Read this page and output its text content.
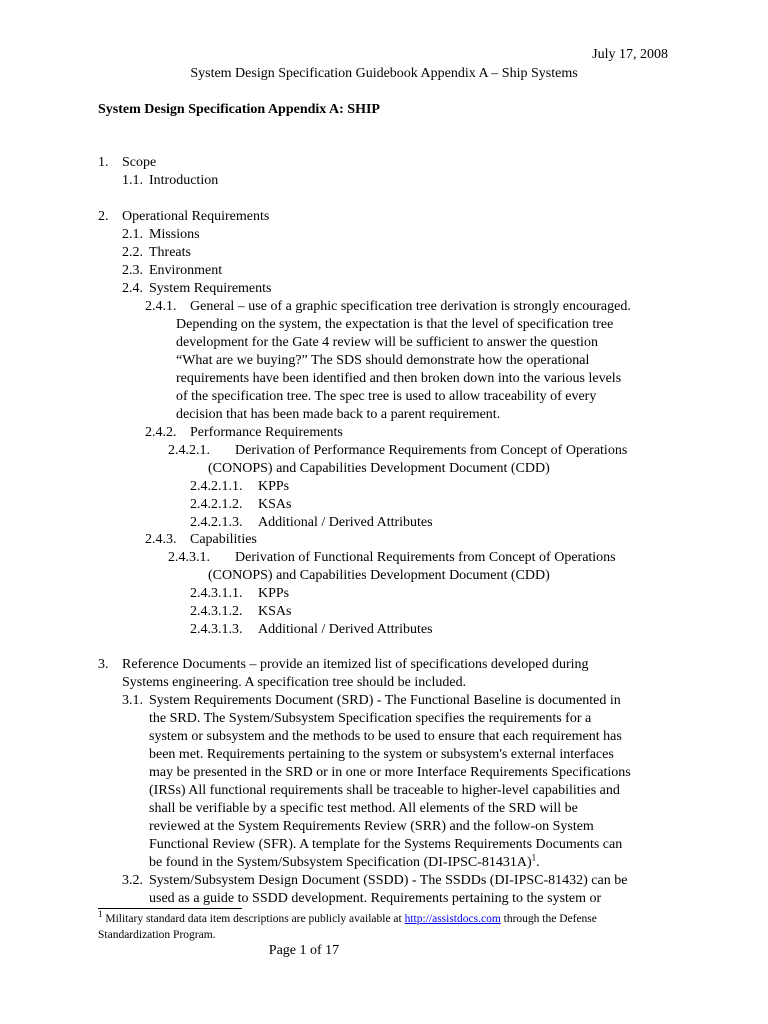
July 17, 2008
System Design Specification Guidebook Appendix A – Ship Systems
System Design Specification Appendix A: SHIP
1. Scope
1.1. Introduction
2. Operational Requirements
2.1. Missions
2.2. Threats
2.3. Environment
2.4. System Requirements
2.4.1. General – use of a graphic specification tree derivation is strongly encouraged.
Depending on the system, the expectation is that the level of specification tree
development for the Gate 4 review will be sufficient to answer the question
“What are we buying?” The SDS should demonstrate how the operational
requirements have been identified and then broken down into the various levels
of the specification tree. The spec tree is used to allow traceability of every
decision that has been made back to a parent requirement.
2.4.2. Performance Requirements
2.4.2.1. Derivation of Performance Requirements from Concept of Operations
(CONOPS) and Capabilities Development Document (CDD)
2.4.2.1.1. KPPs
2.4.2.1.2. KSAs
2.4.2.1.3. Additional / Derived Attributes
2.4.3. Capabilities
2.4.3.1. Derivation of Functional Requirements from Concept of Operations
(CONOPS) and Capabilities Development Document (CDD)
2.4.3.1.1. KPPs
2.4.3.1.2. KSAs
2.4.3.1.3. Additional / Derived Attributes
3. Reference Documents – provide an itemized list of specifications developed during
Systems engineering. A specification tree should be included.
3.1. System Requirements Document (SRD) - The Functional Baseline is documented in
the SRD. The System/Subsystem Specification specifies the requirements for a
system or subsystem and the methods to be used to ensure that each requirement has
been met. Requirements pertaining to the system or subsystem's external interfaces
may be presented in the SRD or in one or more Interface Requirements Specifications
(IRSs) All functional requirements shall be traceable to higher-level capabilities and
shall be verifiable by a specific test method. All elements of the SRD will be
reviewed at the System Requirements Review (SRR) and the follow-on System
Functional Review (SFR). A template for the Systems Requirements Documents can
be found in the System/Subsystem Specification (DI-IPSC-81431A)$^1$.
3.2. System/Subsystem Design Document (SSDD) - The SSDDs (DI-IPSC-81432) can be
used as a guide to SSDD development. Requirements pertaining to the system or
$^1$ Military standard data item descriptions are publicly available at http://assistdocs.com through the Defense
Standardization Program.
Page 1 of 17
